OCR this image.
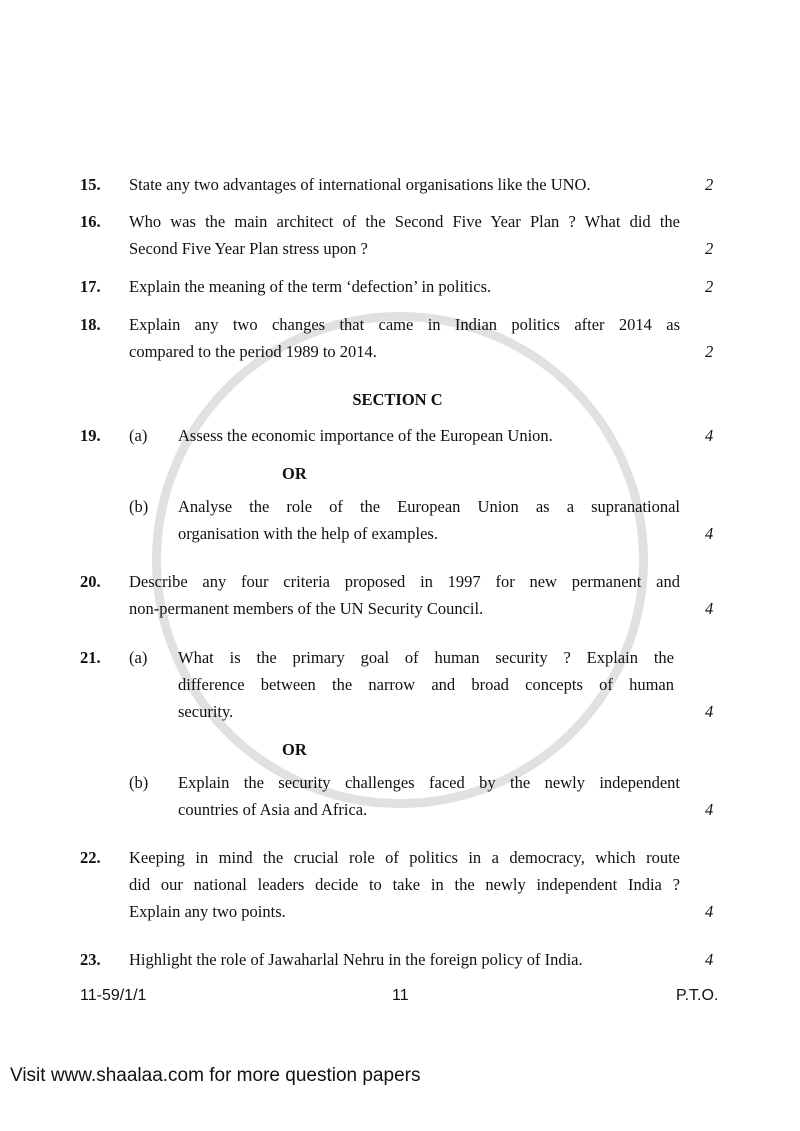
15. State any two advantages of international organisations like the UNO.	2
16. Who was the main architect of the Second Five Year Plan ? What did the
Second Five Year Plan stress upon ?	2
17. Explain the meaning of the term ‘defection’ in politics.	2
18. Explain any two changes that came in Indian politics after 2014 as
compared to the period 1989 to 2014.	2
SECTION C
19. (a) Assess the economic importance of the European Union.	4
OR
(b) Analyse the role of the European Union as a supranational
organisation with the help of examples.	4
20. Describe any four criteria proposed in 1997 for new permanent and
non-permanent members of the UN Security Council.	4
21. (a) What is the primary goal of human security ? Explain the
difference between the narrow and broad concepts of human
security.	4
OR
(b) Explain the security challenges faced by the newly independent
countries of Asia and Africa.	4
22. Keeping in mind the crucial role of politics in a democracy, which route
did our national leaders decide to take in the newly independent India ?
Explain any two points.	4
23. Highlight the role of Jawaharlal Nehru in the foreign policy of India.	4
11-59/1/1	11	P.T.O.
Visit www.shaalaa.com for more question papers
